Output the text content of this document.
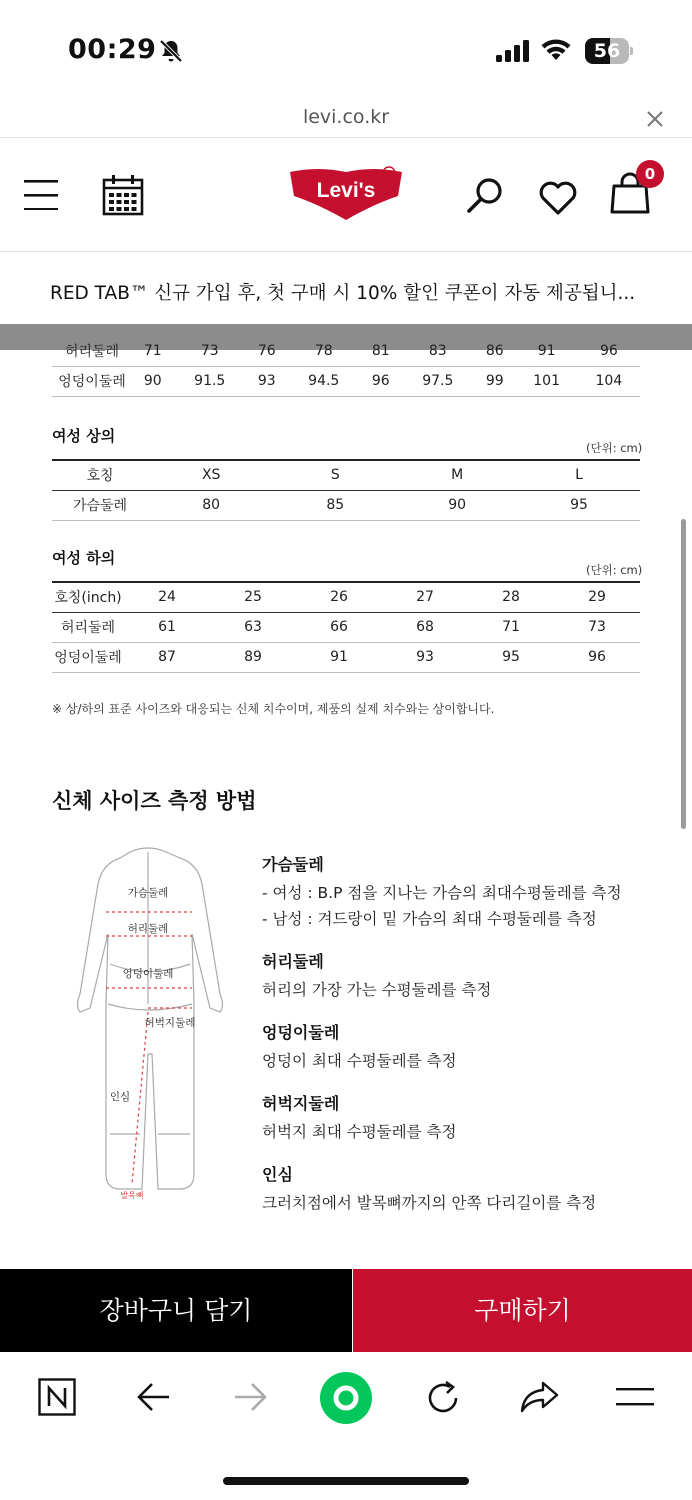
00:29	56
levi.co.kr
Levi's
R	0
RED TAB™ 신규 가입 후, 첫 구매 시 10% 할인 쿠폰이 자동 제공됩니...
허리둘레	71	73	76	78	81	83	86	91	96
엉덩이둘레	90	91.5	93	94.5	96	97.5	99	101	104
여성 상의
(단위: cm)
호칭	XS	S	M	L
가슴둘레	80	85	90	95
여성 하의
(단위: cm)
호칭(inch)	24	25	26	27	28	29
허리둘레	61	63	66	68	71	73
엉덩이둘레	87	89	91	93	95	96
※ 상/하의 표준 사이즈와 대응되는 신체 치수이며, 제품의 실제 치수와는 상이합니다.
신체 사이즈 측정 방법
가슴둘레
허리둘레
엉덩이둘레
허벅지둘레
인심
발목뼈
가슴둘레
- 여성 : B.P 점을 지나는 가슴의 최대수평둘레를 측정
- 남성 : 겨드랑이 밑 가슴의 최대 수평둘레를 측정
허리둘레
허리의 가장 가는 수평둘레를 측정
엉덩이둘레
엉덩이 최대 수평둘레를 측정
허벅지둘레
허벅지 최대 수평둘레를 측정
인심
크러치점에서 발목뼈까지의 안쪽 다리길이를 측정
장바구니 담기	구매하기
